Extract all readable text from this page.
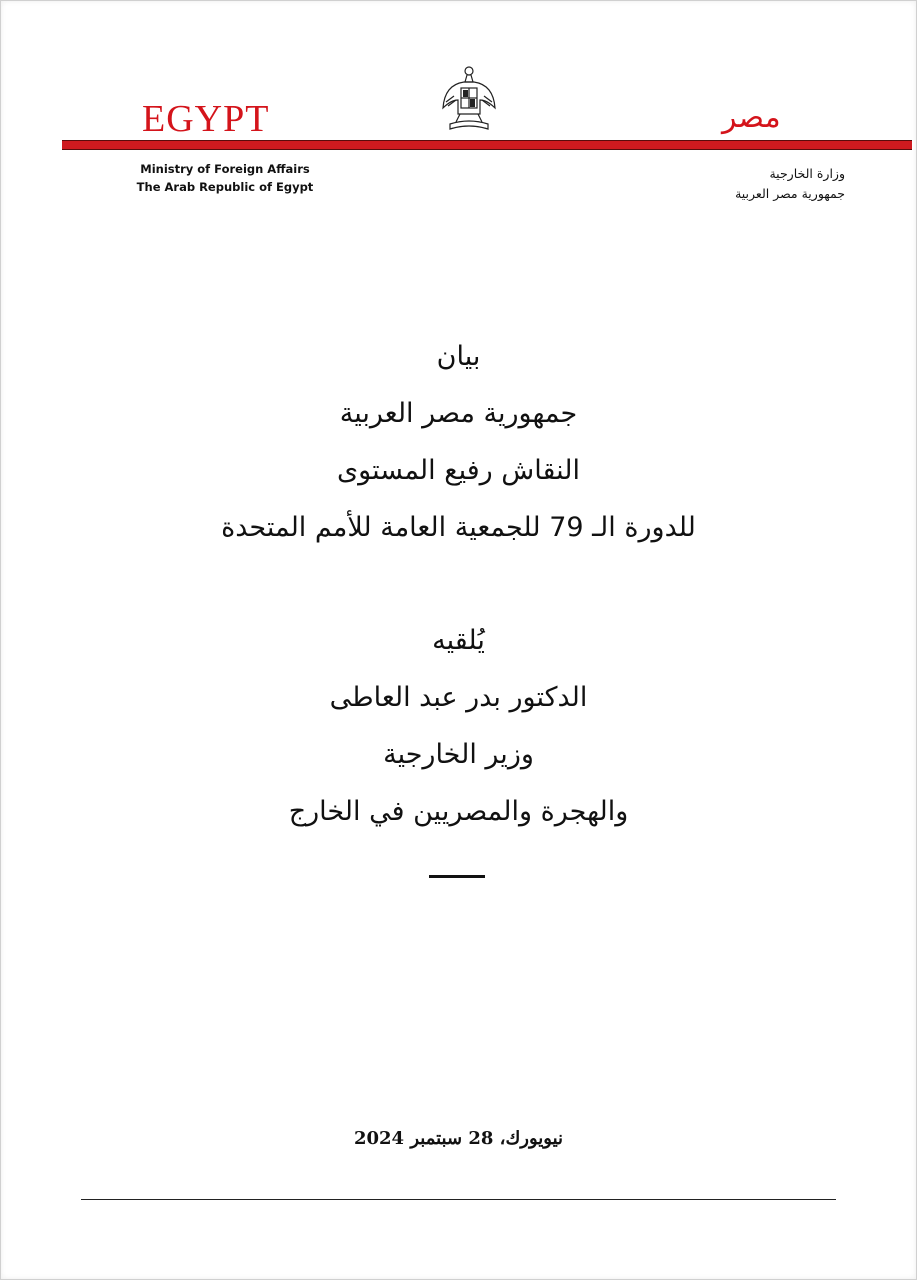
EGYPT	مصر
Ministry of Foreign Affairs
The Arab Republic of Egypt
وزارة الخارجية
جمهورية مصر العربية
بيان
جمهورية مصر العربية
النقاش رفيع المستوى
للدورة الـ 79 للجمعية العامة للأمم المتحدة
يُلقيه
الدكتور بدر عبد العاطى
وزير الخارجية
والهجرة والمصريين في الخارج
نيويورك، 28 سبتمبر 2024
